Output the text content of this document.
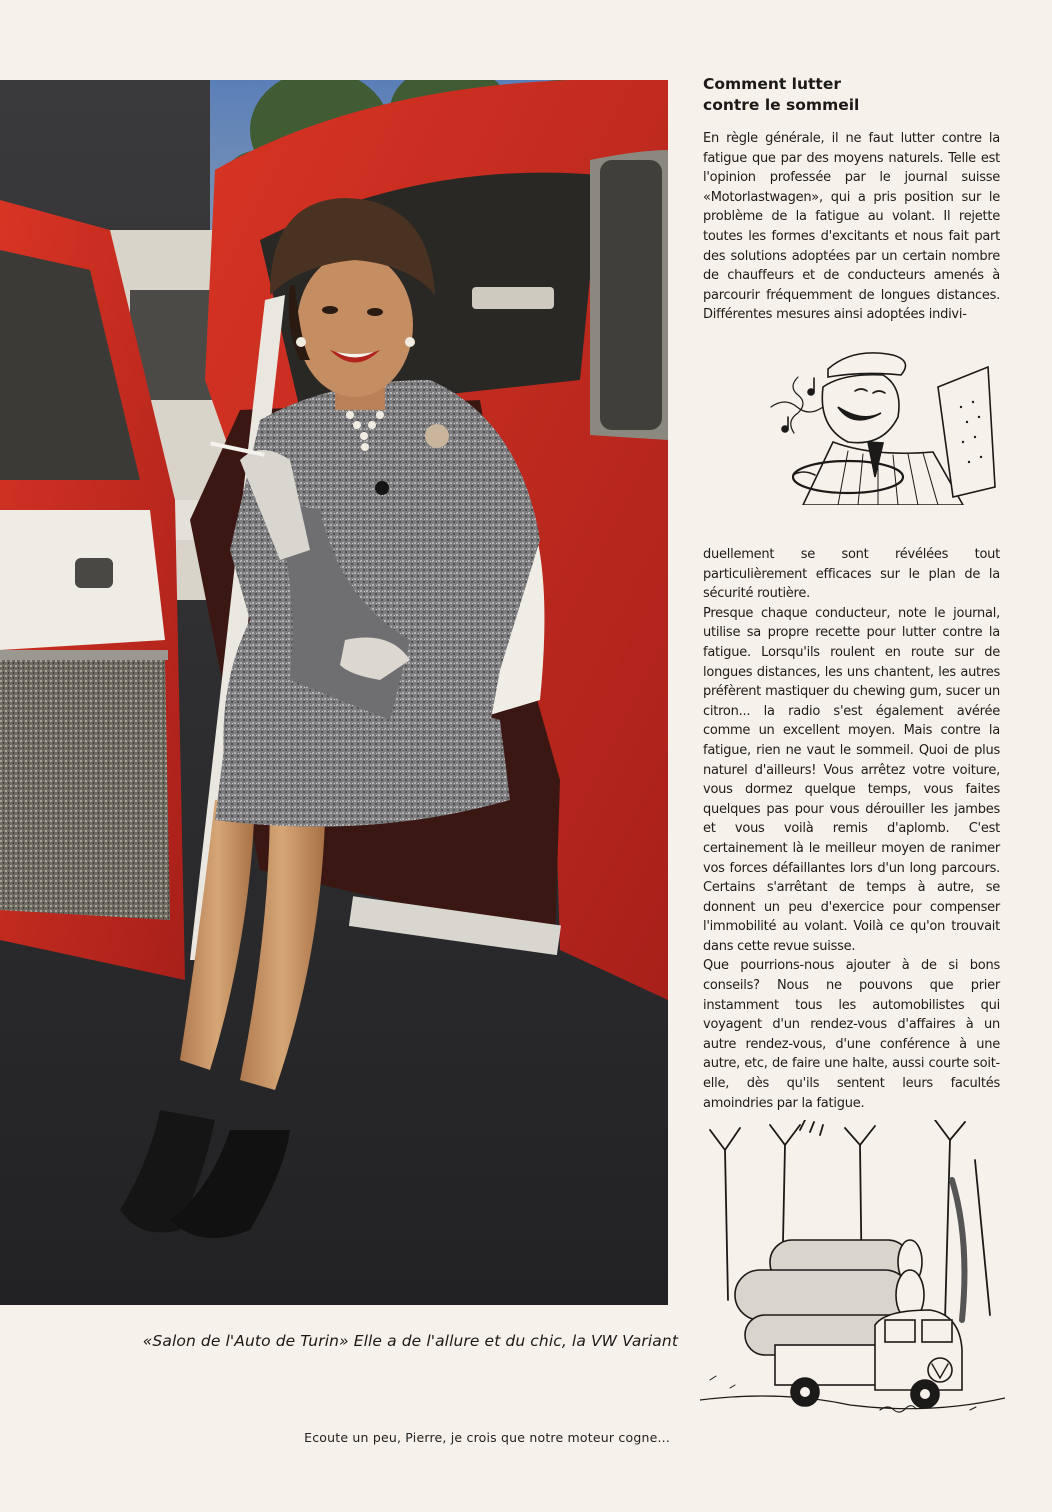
«Salon de l'Auto de Turin» Elle a de l'allure et du chic, la VW Variant
Comment lutter
contre le sommeil

En règle générale, il ne faut lutter contre la fatigue que par des moyens naturels. Telle est l'opinion professée par le journal suisse «Motorlastwagen», qui a pris position sur le problème de la fatigue au volant. Il rejette toutes les formes d'excitants et nous fait part des solutions adoptées par un certain nombre de chauffeurs et de conducteurs amenés à parcourir fréquemment de longues distances. Différentes mesures ainsi adoptées indivi-

duellement se sont révélées tout particulièrement efficaces sur le plan de la sécurité routière.

Presque chaque conducteur, note le journal, utilise sa propre recette pour lutter contre la fatigue. Lorsqu'ils roulent en route sur de longues distances, les uns chantent, les autres préfèrent mastiquer du chewing gum, sucer un citron... la radio s'est également avérée comme un excellent moyen. Mais contre la fatigue, rien ne vaut le sommeil. Quoi de plus naturel d'ailleurs! Vous arrêtez votre voiture, vous dormez quelque temps, vous faites quelques pas pour vous dérouiller les jambes et vous voilà remis d'aplomb. C'est certainement là le meilleur moyen de ranimer vos forces défaillantes lors d'un long parcours. Certains s'arrêtant de temps à autre, se donnent un peu d'exercice pour compenser l'immobilité au volant. Voilà ce qu'on trouvait dans cette revue suisse.

Que pourrions-nous ajouter à de si bons conseils? Nous ne pouvons que prier instamment tous les automobilistes qui voyagent d'un rendez-vous d'affaires à un autre rendez-vous, d'une conférence à une autre, etc, de faire une halte, aussi courte soit-elle, dès qu'ils sentent leurs facultés amoindries par la fatigue.

Ecoute un peu, Pierre, je crois que notre moteur cogne...
